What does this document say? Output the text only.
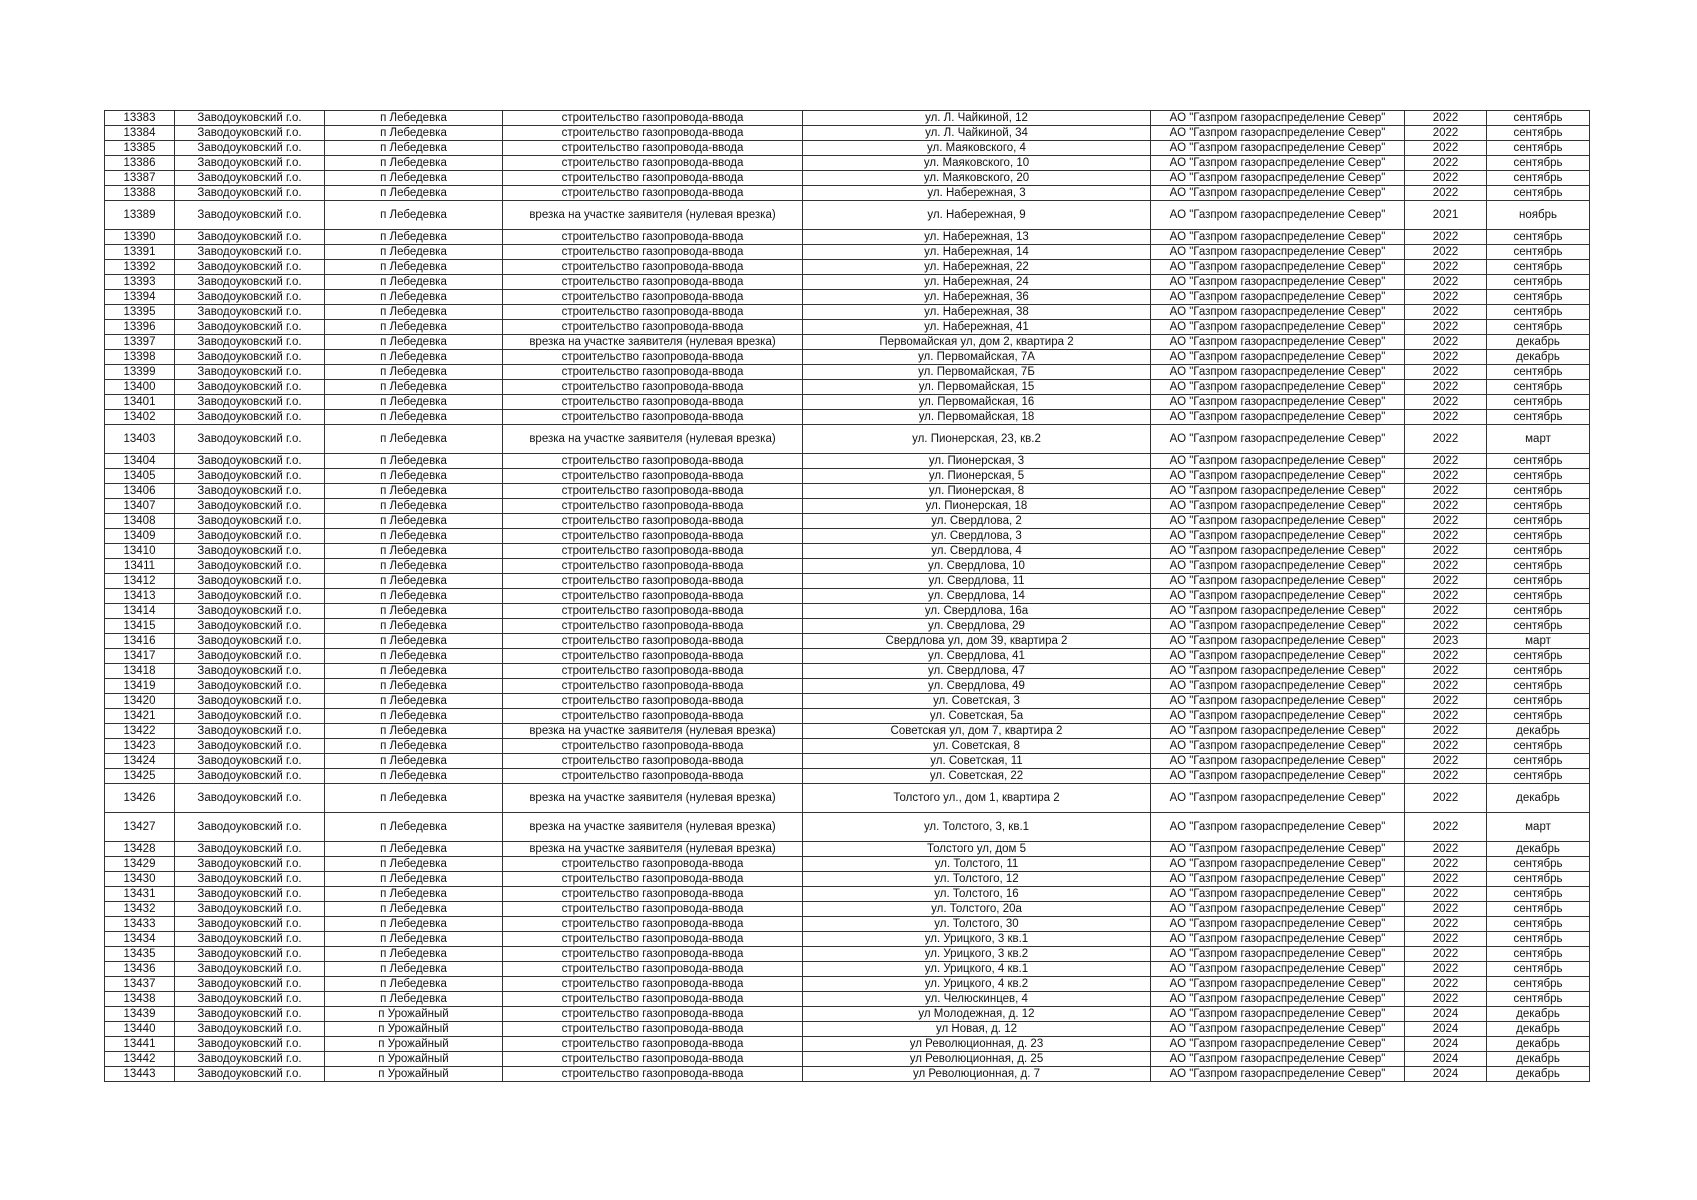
13383	Заводоуковский г.о.	п Лебедевка	строительство газопровода-ввода	ул. Л. Чайкиной, 12	АО "Газпром газораспределение Север"	2022	сентябрь
13384	Заводоуковский г.о.	п Лебедевка	строительство газопровода-ввода	ул. Л. Чайкиной, 34	АО "Газпром газораспределение Север"	2022	сентябрь
13385	Заводоуковский г.о.	п Лебедевка	строительство газопровода-ввода	ул. Маяковского, 4	АО "Газпром газораспределение Север"	2022	сентябрь
13386	Заводоуковский г.о.	п Лебедевка	строительство газопровода-ввода	ул. Маяковского, 10	АО "Газпром газораспределение Север"	2022	сентябрь
13387	Заводоуковский г.о.	п Лебедевка	строительство газопровода-ввода	ул. Маяковского, 20	АО "Газпром газораспределение Север"	2022	сентябрь
13388	Заводоуковский г.о.	п Лебедевка	строительство газопровода-ввода	ул. Набережная, 3	АО "Газпром газораспределение Север"	2022	сентябрь
13389	Заводоуковский г.о.	п Лебедевка	врезка на участке заявителя (нулевая врезка)	ул. Набережная, 9	АО "Газпром газораспределение Север"	2021	ноябрь
13390	Заводоуковский г.о.	п Лебедевка	строительство газопровода-ввода	ул. Набережная, 13	АО "Газпром газораспределение Север"	2022	сентябрь
13391	Заводоуковский г.о.	п Лебедевка	строительство газопровода-ввода	ул. Набережная, 14	АО "Газпром газораспределение Север"	2022	сентябрь
13392	Заводоуковский г.о.	п Лебедевка	строительство газопровода-ввода	ул. Набережная, 22	АО "Газпром газораспределение Север"	2022	сентябрь
13393	Заводоуковский г.о.	п Лебедевка	строительство газопровода-ввода	ул. Набережная, 24	АО "Газпром газораспределение Север"	2022	сентябрь
13394	Заводоуковский г.о.	п Лебедевка	строительство газопровода-ввода	ул. Набережная, 36	АО "Газпром газораспределение Север"	2022	сентябрь
13395	Заводоуковский г.о.	п Лебедевка	строительство газопровода-ввода	ул. Набережная, 38	АО "Газпром газораспределение Север"	2022	сентябрь
13396	Заводоуковский г.о.	п Лебедевка	строительство газопровода-ввода	ул. Набережная, 41	АО "Газпром газораспределение Север"	2022	сентябрь
13397	Заводоуковский г.о.	п Лебедевка	врезка на участке заявителя (нулевая врезка)	Первомайская ул, дом 2, квартира 2	АО "Газпром газораспределение Север"	2022	декабрь
13398	Заводоуковский г.о.	п Лебедевка	строительство газопровода-ввода	ул. Первомайская, 7А	АО "Газпром газораспределение Север"	2022	декабрь
13399	Заводоуковский г.о.	п Лебедевка	строительство газопровода-ввода	ул. Первомайская, 7Б	АО "Газпром газораспределение Север"	2022	сентябрь
13400	Заводоуковский г.о.	п Лебедевка	строительство газопровода-ввода	ул. Первомайская, 15	АО "Газпром газораспределение Север"	2022	сентябрь
13401	Заводоуковский г.о.	п Лебедевка	строительство газопровода-ввода	ул. Первомайская, 16	АО "Газпром газораспределение Север"	2022	сентябрь
13402	Заводоуковский г.о.	п Лебедевка	строительство газопровода-ввода	ул. Первомайская, 18	АО "Газпром газораспределение Север"	2022	сентябрь
13403	Заводоуковский г.о.	п Лебедевка	врезка на участке заявителя (нулевая врезка)	ул. Пионерская, 23, кв.2	АО "Газпром газораспределение Север"	2022	март
13404	Заводоуковский г.о.	п Лебедевка	строительство газопровода-ввода	ул. Пионерская, 3	АО "Газпром газораспределение Север"	2022	сентябрь
13405	Заводоуковский г.о.	п Лебедевка	строительство газопровода-ввода	ул. Пионерская, 5	АО "Газпром газораспределение Север"	2022	сентябрь
13406	Заводоуковский г.о.	п Лебедевка	строительство газопровода-ввода	ул. Пионерская, 8	АО "Газпром газораспределение Север"	2022	сентябрь
13407	Заводоуковский г.о.	п Лебедевка	строительство газопровода-ввода	ул. Пионерская, 18	АО "Газпром газораспределение Север"	2022	сентябрь
13408	Заводоуковский г.о.	п Лебедевка	строительство газопровода-ввода	ул. Свердлова, 2	АО "Газпром газораспределение Север"	2022	сентябрь
13409	Заводоуковский г.о.	п Лебедевка	строительство газопровода-ввода	ул. Свердлова, 3	АО "Газпром газораспределение Север"	2022	сентябрь
13410	Заводоуковский г.о.	п Лебедевка	строительство газопровода-ввода	ул. Свердлова, 4	АО "Газпром газораспределение Север"	2022	сентябрь
13411	Заводоуковский г.о.	п Лебедевка	строительство газопровода-ввода	ул. Свердлова, 10	АО "Газпром газораспределение Север"	2022	сентябрь
13412	Заводоуковский г.о.	п Лебедевка	строительство газопровода-ввода	ул. Свердлова, 11	АО "Газпром газораспределение Север"	2022	сентябрь
13413	Заводоуковский г.о.	п Лебедевка	строительство газопровода-ввода	ул. Свердлова, 14	АО "Газпром газораспределение Север"	2022	сентябрь
13414	Заводоуковский г.о.	п Лебедевка	строительство газопровода-ввода	ул. Свердлова, 16а	АО "Газпром газораспределение Север"	2022	сентябрь
13415	Заводоуковский г.о.	п Лебедевка	строительство газопровода-ввода	ул. Свердлова, 29	АО "Газпром газораспределение Север"	2022	сентябрь
13416	Заводоуковский г.о.	п Лебедевка	строительство газопровода-ввода	Свердлова ул, дом 39, квартира 2	АО "Газпром газораспределение Север"	2023	март
13417	Заводоуковский г.о.	п Лебедевка	строительство газопровода-ввода	ул. Свердлова, 41	АО "Газпром газораспределение Север"	2022	сентябрь
13418	Заводоуковский г.о.	п Лебедевка	строительство газопровода-ввода	ул. Свердлова, 47	АО "Газпром газораспределение Север"	2022	сентябрь
13419	Заводоуковский г.о.	п Лебедевка	строительство газопровода-ввода	ул. Свердлова, 49	АО "Газпром газораспределение Север"	2022	сентябрь
13420	Заводоуковский г.о.	п Лебедевка	строительство газопровода-ввода	ул. Советская, 3	АО "Газпром газораспределение Север"	2022	сентябрь
13421	Заводоуковский г.о.	п Лебедевка	строительство газопровода-ввода	ул. Советская, 5а	АО "Газпром газораспределение Север"	2022	сентябрь
13422	Заводоуковский г.о.	п Лебедевка	врезка на участке заявителя (нулевая врезка)	Советская ул, дом 7, квартира 2	АО "Газпром газораспределение Север"	2022	декабрь
13423	Заводоуковский г.о.	п Лебедевка	строительство газопровода-ввода	ул. Советская, 8	АО "Газпром газораспределение Север"	2022	сентябрь
13424	Заводоуковский г.о.	п Лебедевка	строительство газопровода-ввода	ул. Советская, 11	АО "Газпром газораспределение Север"	2022	сентябрь
13425	Заводоуковский г.о.	п Лебедевка	строительство газопровода-ввода	ул. Советская, 22	АО "Газпром газораспределение Север"	2022	сентябрь
13426	Заводоуковский г.о.	п Лебедевка	врезка на участке заявителя (нулевая врезка)	Толстого ул., дом 1, квартира 2	АО "Газпром газораспределение Север"	2022	декабрь
13427	Заводоуковский г.о.	п Лебедевка	врезка на участке заявителя (нулевая врезка)	ул. Толстого, 3, кв.1	АО "Газпром газораспределение Север"	2022	март
13428	Заводоуковский г.о.	п Лебедевка	врезка на участке заявителя (нулевая врезка)	Толстого ул, дом 5	АО "Газпром газораспределение Север"	2022	декабрь
13429	Заводоуковский г.о.	п Лебедевка	строительство газопровода-ввода	ул. Толстого, 11	АО "Газпром газораспределение Север"	2022	сентябрь
13430	Заводоуковский г.о.	п Лебедевка	строительство газопровода-ввода	ул. Толстого, 12	АО "Газпром газораспределение Север"	2022	сентябрь
13431	Заводоуковский г.о.	п Лебедевка	строительство газопровода-ввода	ул. Толстого, 16	АО "Газпром газораспределение Север"	2022	сентябрь
13432	Заводоуковский г.о.	п Лебедевка	строительство газопровода-ввода	ул. Толстого, 20а	АО "Газпром газораспределение Север"	2022	сентябрь
13433	Заводоуковский г.о.	п Лебедевка	строительство газопровода-ввода	ул. Толстого, 30	АО "Газпром газораспределение Север"	2022	сентябрь
13434	Заводоуковский г.о.	п Лебедевка	строительство газопровода-ввода	ул. Урицкого, 3 кв.1	АО "Газпром газораспределение Север"	2022	сентябрь
13435	Заводоуковский г.о.	п Лебедевка	строительство газопровода-ввода	ул. Урицкого, 3 кв.2	АО "Газпром газораспределение Север"	2022	сентябрь
13436	Заводоуковский г.о.	п Лебедевка	строительство газопровода-ввода	ул. Урицкого, 4 кв.1	АО "Газпром газораспределение Север"	2022	сентябрь
13437	Заводоуковский г.о.	п Лебедевка	строительство газопровода-ввода	ул. Урицкого, 4 кв.2	АО "Газпром газораспределение Север"	2022	сентябрь
13438	Заводоуковский г.о.	п Лебедевка	строительство газопровода-ввода	ул. Челюскинцев, 4	АО "Газпром газораспределение Север"	2022	сентябрь
13439	Заводоуковский г.о.	п Урожайный	строительство газопровода-ввода	ул Молодежная, д. 12	АО "Газпром газораспределение Север"	2024	декабрь
13440	Заводоуковский г.о.	п Урожайный	строительство газопровода-ввода	ул Новая, д. 12	АО "Газпром газораспределение Север"	2024	декабрь
13441	Заводоуковский г.о.	п Урожайный	строительство газопровода-ввода	ул Революционная, д. 23	АО "Газпром газораспределение Север"	2024	декабрь
13442	Заводоуковский г.о.	п Урожайный	строительство газопровода-ввода	ул Революционная, д. 25	АО "Газпром газораспределение Север"	2024	декабрь
13443	Заводоуковский г.о.	п Урожайный	строительство газопровода-ввода	ул Революционная, д. 7	АО "Газпром газораспределение Север"	2024	декабрь
